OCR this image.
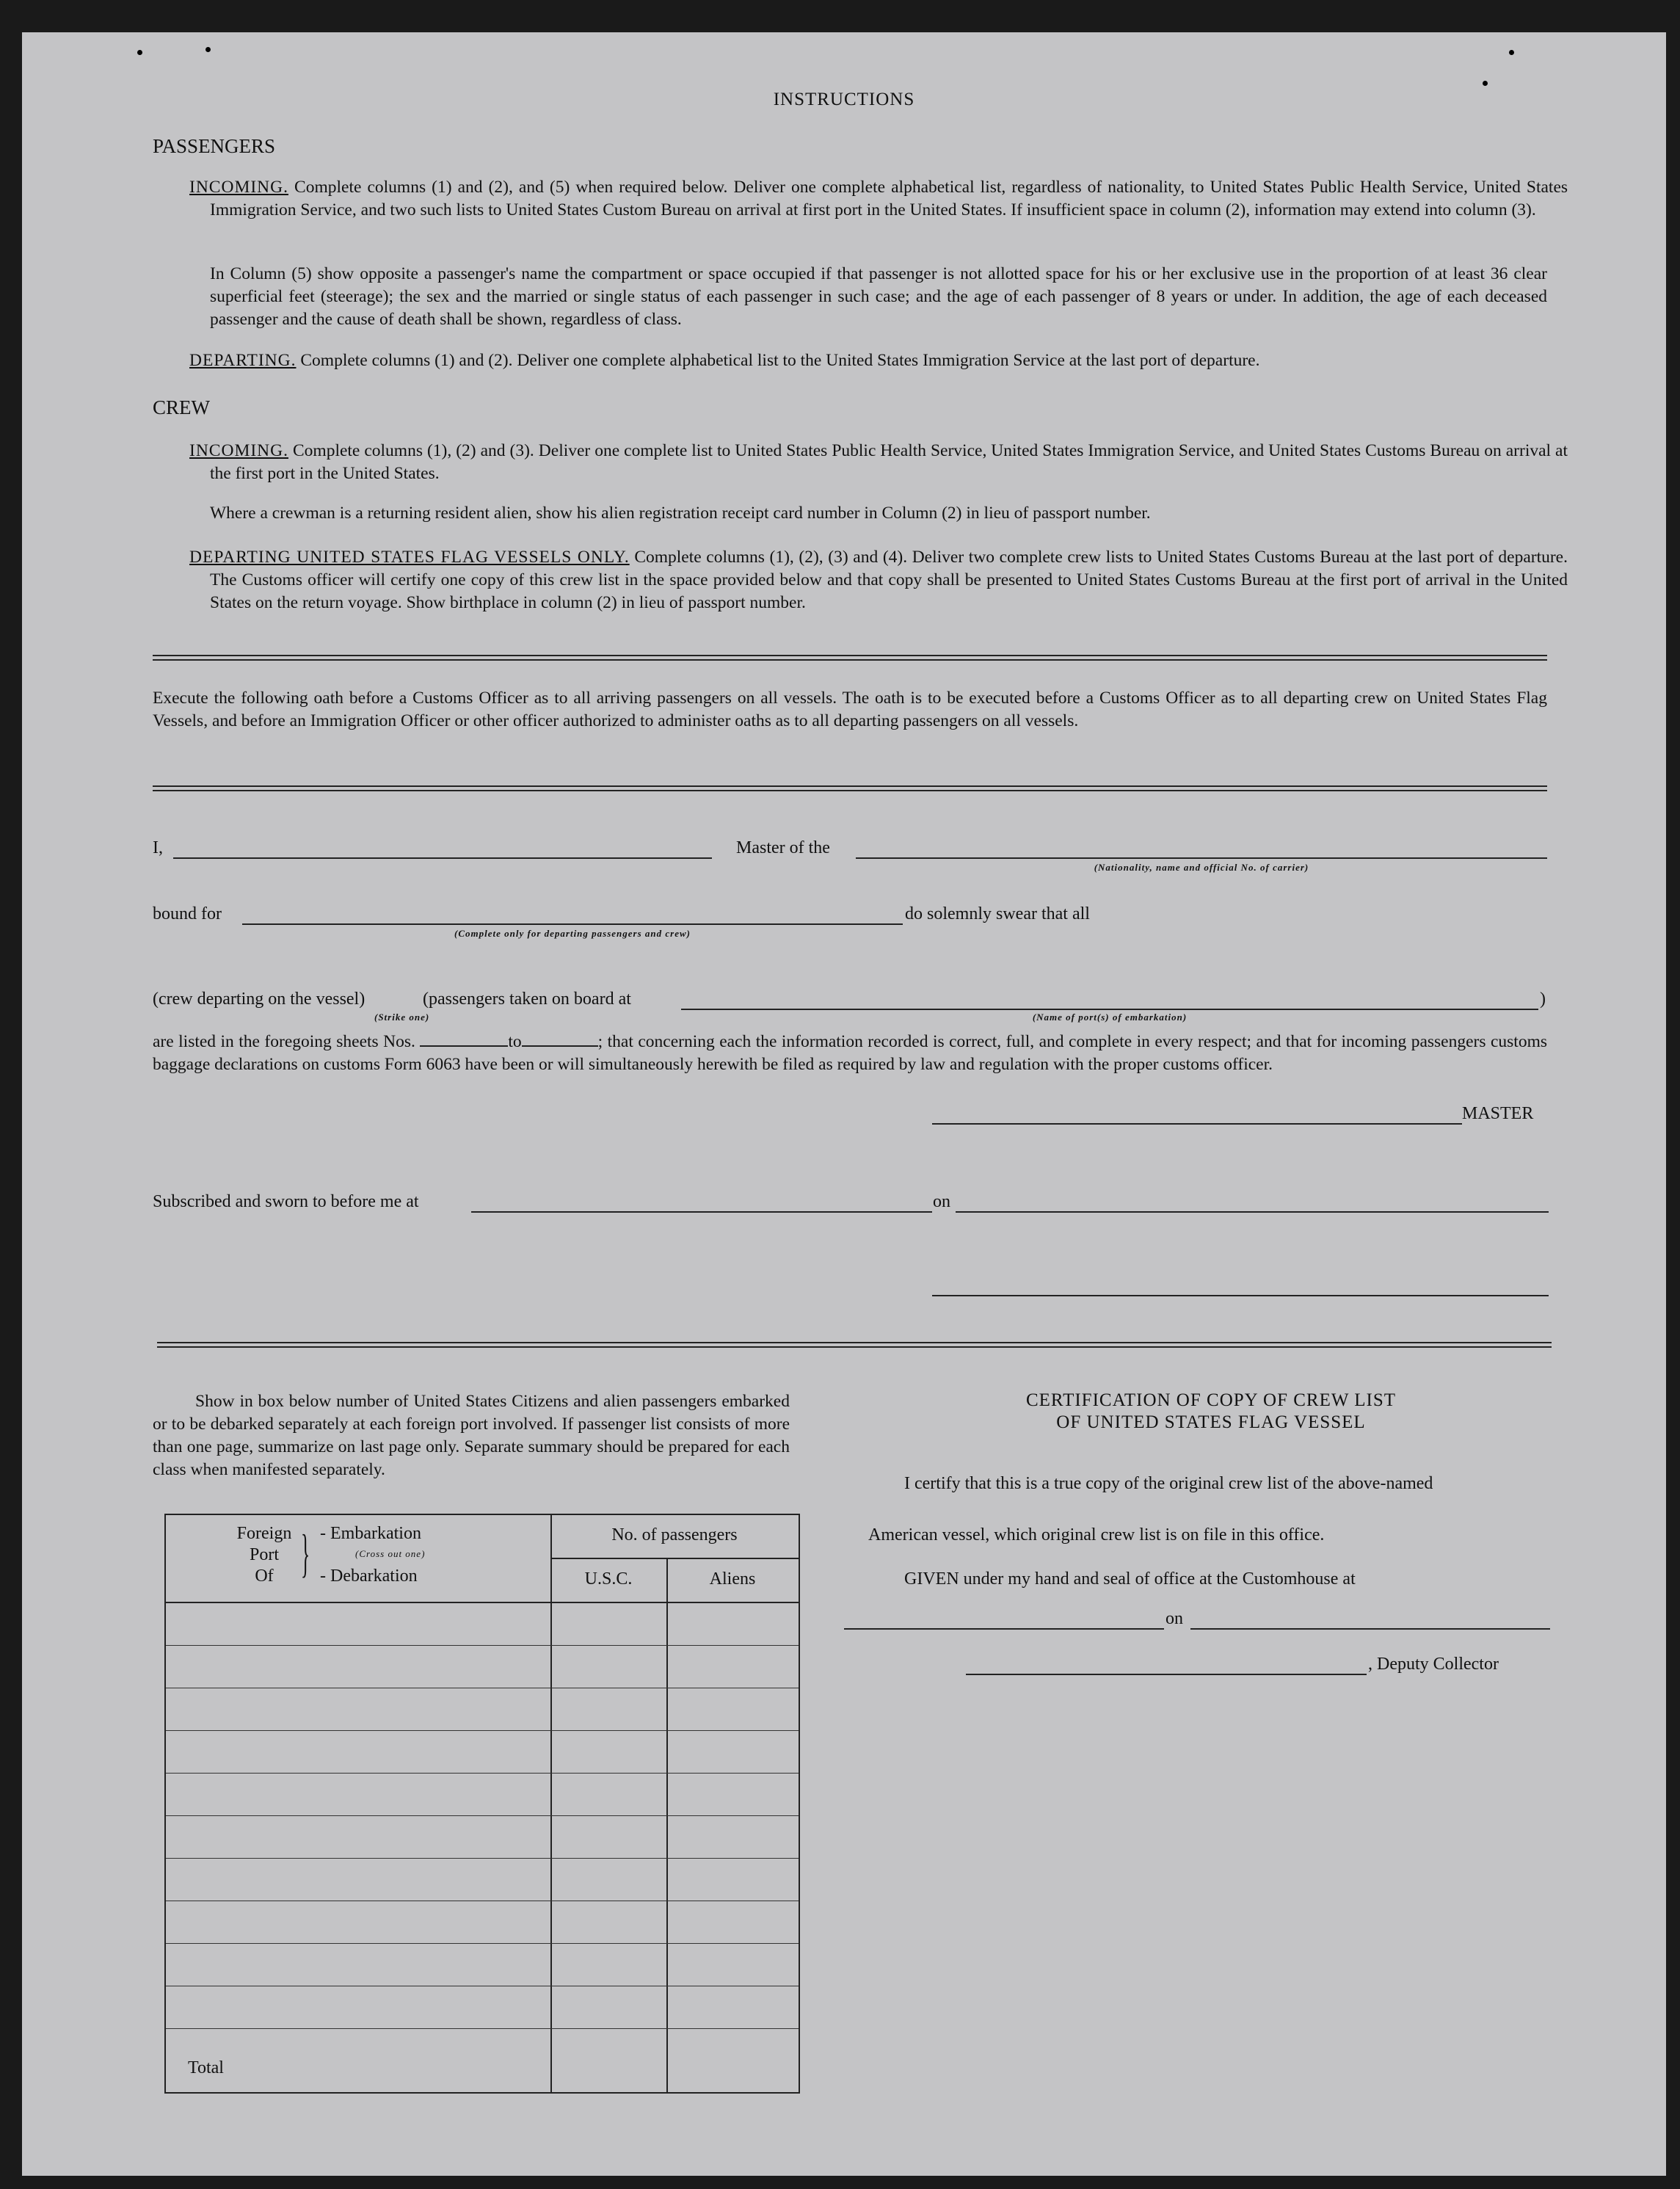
INSTRUCTIONS
PASSENGERS
INCOMING. Complete columns (1) and (2), and (5) when required below. Deliver one complete alphabetical list, regardless of nationality, to United States Public Health Service, United States Immigration Service, and two such lists to United States Custom Bureau on arrival at first port in the United States. If insufficient space in column (2), information may extend into column (3).
In Column (5) show opposite a passenger's name the compartment or space occupied if that passenger is not allotted space for his or her exclusive use in the proportion of at least 36 clear superficial feet (steerage); the sex and the married or single status of each passenger in such case; and the age of each passenger of 8 years or under. In addition, the age of each deceased passenger and the cause of death shall be shown, regardless of class.
DEPARTING. Complete columns (1) and (2). Deliver one complete alphabetical list to the United States Immigration Service at the last port of departure.
CREW
INCOMING. Complete columns (1), (2) and (3). Deliver one complete list to United States Public Health Service, United States Immigration Service, and United States Customs Bureau on arrival at the first port in the United States.
Where a crewman is a returning resident alien, show his alien registration receipt card number in Column (2) in lieu of passport number.
DEPARTING UNITED STATES FLAG VESSELS ONLY. Complete columns (1), (2), (3) and (4). Deliver two complete crew lists to United States Customs Bureau at the last port of departure. The Customs officer will certify one copy of this crew list in the space provided below and that copy shall be presented to United States Customs Bureau at the first port of arrival in the United States on the return voyage. Show birthplace in column (2) in lieu of passport number.
Execute the following oath before a Customs Officer as to all arriving passengers on all vessels. The oath is to be executed before a Customs Officer as to all departing crew on United States Flag Vessels, and before an Immigration Officer or other officer authorized to administer oaths as to all departing passengers on all vessels.
I,	Master of the
(Nationality, name and official No. of carrier)
bound for
(Complete only for departing passengers and crew)
do solemnly swear that all
(crew departing on the vessel)	(passengers taken on board at	)
(Strike one)	(Name of port(s) of embarkation)
are listed in the foregoing sheets Nos.	to	; that concerning each the information recorded is correct, full, and complete in every respect; and that for incoming passengers customs baggage declarations on customs Form 6063 have been or will simultaneously herewith be filed as required by law and regulation with the proper customs officer.
MASTER
Subscribed and sworn to before me at	on
Show in box below number of United States Citizens and alien passengers embarked or to be debarked separately at each foreign port involved. If passenger list consists of more than one page, summarize on last page only. Separate summary should be prepared for each class when manifested separately.
Foreign
Port
Of } - Embarkation
(Cross out one)
- Debarkation
No. of passengers
U.S.C.	Aliens
Total
CERTIFICATION OF COPY OF CREW LIST
OF UNITED STATES FLAG VESSEL
I certify that this is a true copy of the original crew list of the above-named
American vessel, which original crew list is on file in this office.
GIVEN under my hand and seal of office at the Customhouse at
on
, Deputy Collector
